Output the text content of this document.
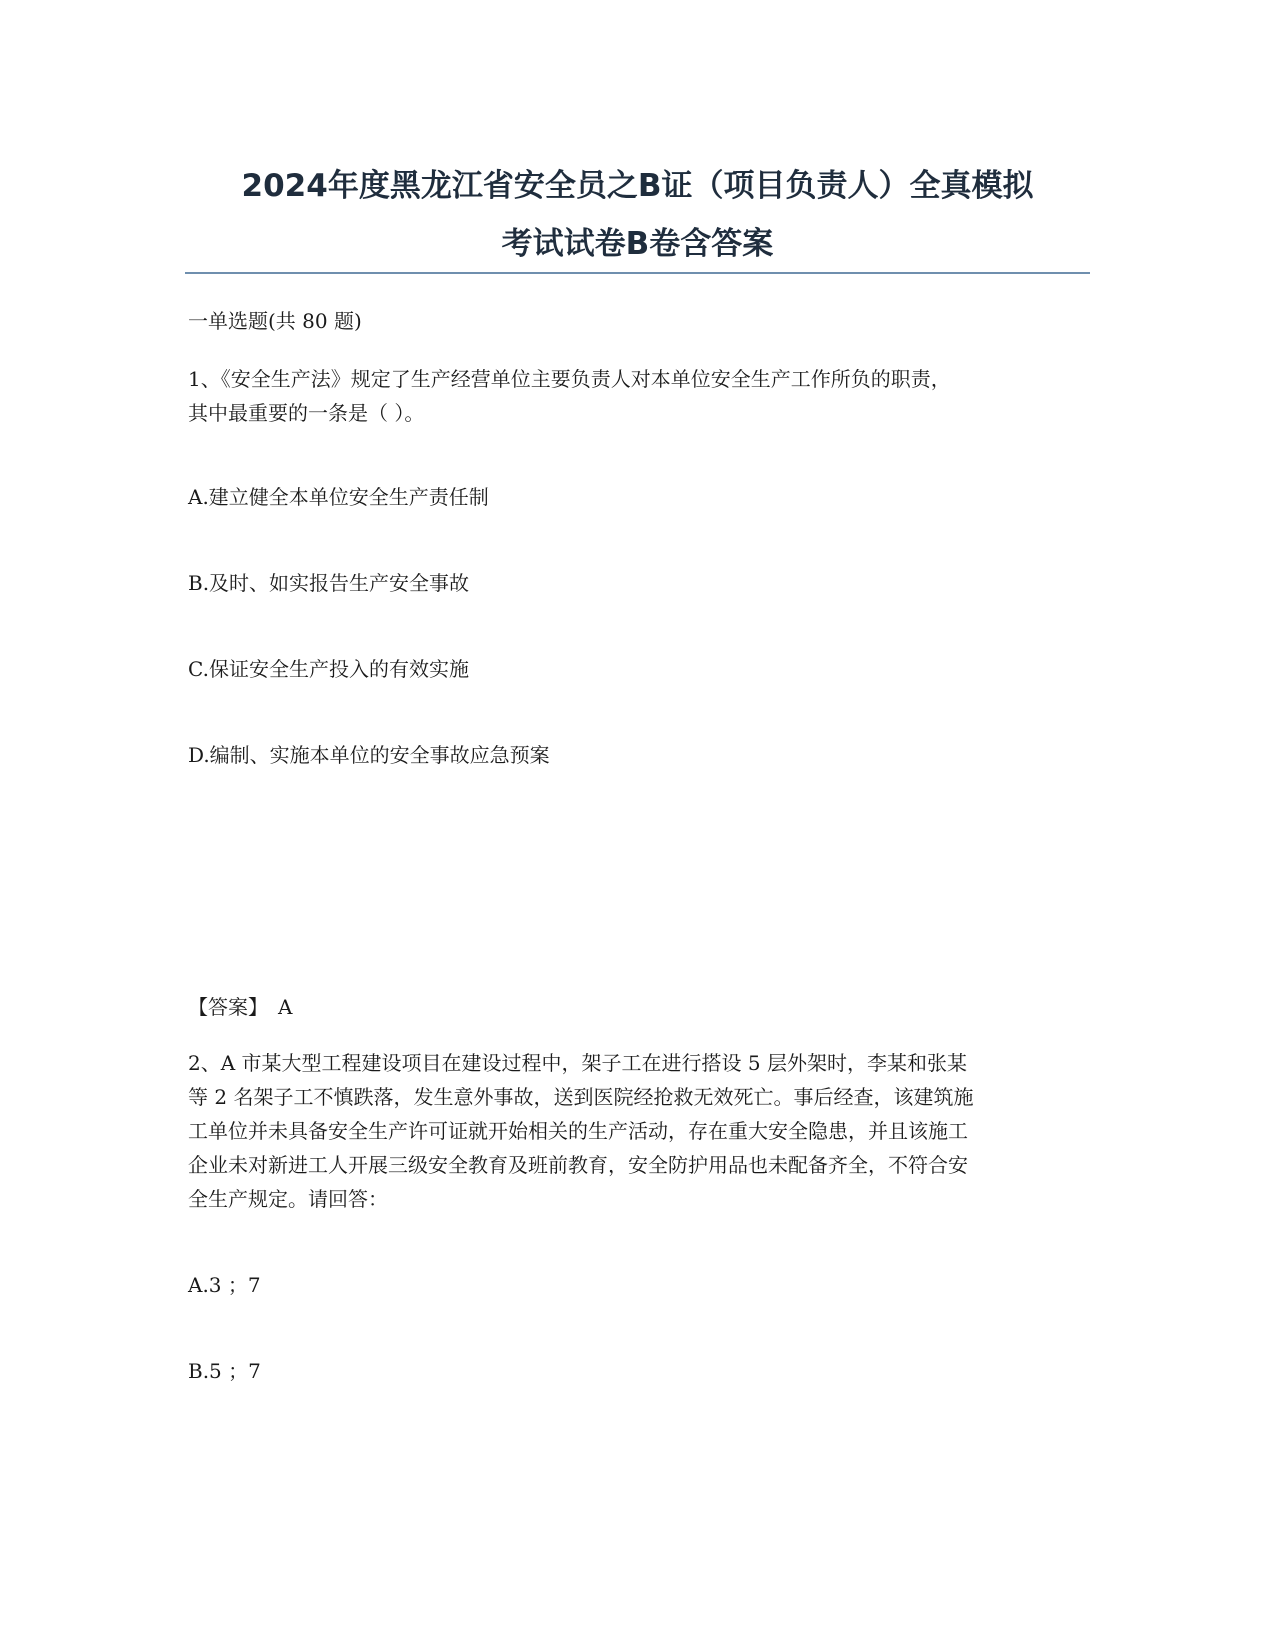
2024年度黑龙江省安全员之B证（项目负责人）全真模拟
考试试卷B卷含答案

一单选题(共 80 题)

1、《安全生产法》规定了生产经营单位主要负责人对本单位安全生产工作所负的职责，

其中最重要的一条是（ ）。

A.建立健全本单位安全生产责任制

B.及时、如实报告生产安全事故

C.保证安全生产投入的有效实施

D.编制、实施本单位的安全事故应急预案

【答案】　A

2、A 市某大型工程建设项目在建设过程中，架子工在进行搭设 5 层外架时，李某和张某

等 2 名架子工不慎跌落，发生意外事故，送到医院经抢救无效死亡。事后经查，该建筑施

工单位并未具备安全生产许可证就开始相关的生产活动，存在重大安全隐患，并且该施工

企业未对新进工人开展三级安全教育及班前教育，安全防护用品也未配备齐全，不符合安

全生产规定。请回答：

A.3 ；7

B.5 ；7
